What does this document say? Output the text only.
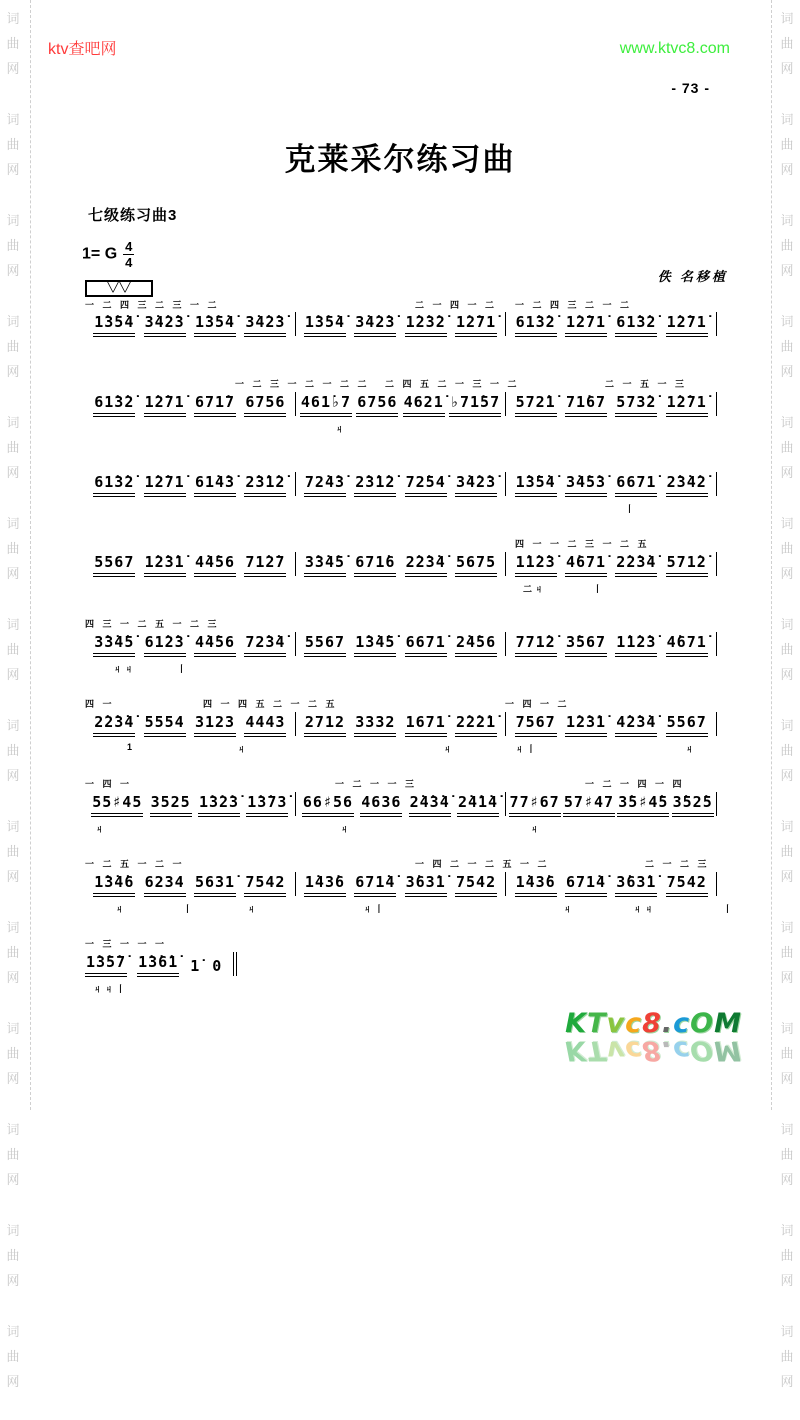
词
曲
网
词
曲
网
词
曲
网
词
曲
网
词
曲
网
词
曲
网
词
曲
网
词
曲
网
词
曲
网
词
曲
网
词
曲
网
词
曲
网
词
曲
网
词
曲
网
词
曲
网
词
曲
网
词
曲
网
词
曲
网
词
曲
网
词
曲
网
词
曲
网
词
曲
网
词
曲
网
词
曲
网
词
曲
网
词
曲
网
词
曲
网
词
曲
网
ktv查吧网	www.ktvc8.com
- 73 -
克莱采尔练习曲
七级练习曲3
1= G $\frac{4}{4}$
佚 名移植
╲╱╲╱
一 二 四 三 二 三 一 二	二 一 四 一 二 一 二 四 三 二 一 二
1̇3̇5̇4̇ 3̇4̇2̇3̇ 1̇3̇5̇4̇ 3̇4̇2̇3̇ 1̇3̇5̇4̇ 3̇4̇2̇3̇ 1̇2̇3̇2̇ 1̇2̇71̇ 61̇3̇2̇ 1̇2̇71̇ 61̇3̇2̇ 1̇2̇71̇
一 二 三 一 二 一 二 二 二 四 五 二 一 三 一 二	二 一 五 一 三
61̇3̇2̇ 1̇2̇71̇ 671̇7 6756 461̇♭7 6756 4621̇ ♭71̇57 572̇1̇ 71̇67 573̇2̇ 1̇2̇71̇
ㄐ
61̇3̇2̇ 1̇2̇71̇ 61̇4̇3̇ 2̇3̇1̇2̇ 72̇4̇3̇ 2̇3̇1̇2̇ 72̇54̇ 3̇4̇2̇3̇ 1̇3̇5̇4̇ 3̇4̇5̇3̇ 6671̇ 2̇3̇4̇2̇
丨
四 一 一 二 三 一 二 五
5567 1̇2̇3̇1̇ 4̇4̇56 71̇2̇7 3̇3̇4̇5̇ 671̇6 2̇2̇3̇4̇ 5675 1̇1̇2̇3̇ 4̇671̇ 2̇2̇3̇4̇ 571̇2̇
二 ㄐ	丨
四 三 一 二 五 一 二 三
3̇3̇4̇5̇ 61̇2̇3̇ 4̇4̇56 72̇3̇4̇ 5567 1̇3̇4̇5̇ 6671̇ 2̇4̇56 771̇2̇ 3̇567 1̇1̇2̇3̇ 4̇671̇
ㄐ ㄐ	丨
四 一	四 一 四 五 二 一 二 五	一 四 一 二
2̇2̇3̇4̇ 5554 3123 4443 2712 3332 1671̇ 2̇2̇2̇1̇ 7567 1̇2̇3̇1̇ 4̇2̇3̇4̇ 5567
1	ㄐ	ㄐ	ㄐ 丨	ㄐ
一 四 一	一 二 一 一 三	一 二 一 四 一 四
55♯45 3525 1̇3̇2̇3̇ 1̇3̇73̇ 66♯56 4636 2̇4̇3̇4̇ 2̇4̇1̇4̇ 77♯67 57♯47 3̇5♯4̇5 3̇52̇5
ㄐ	ㄐ	ㄐ
一 二 五 一 二 一	一 四 二 一 二 五 一 二	二 一 二 三
1̇3̇4̇6 6234 5631̇ 7542 1̇43̇6 671̇4̇ 3̇63̇1̇ 7542 1̇43̇6 671̇4̇ 3̇63̇1̇ 7542
ㄐ	丨	ㄐ	ㄐ 丨	ㄐ	ㄐ ㄐ	丨
一 三 一 一 一
1̇3̇5̇7̇ 1̇3̇6̇1̇ 1̇ 0
ㄐ ㄐ 丨
KTvc8.cOM
KTvc8.cOM
